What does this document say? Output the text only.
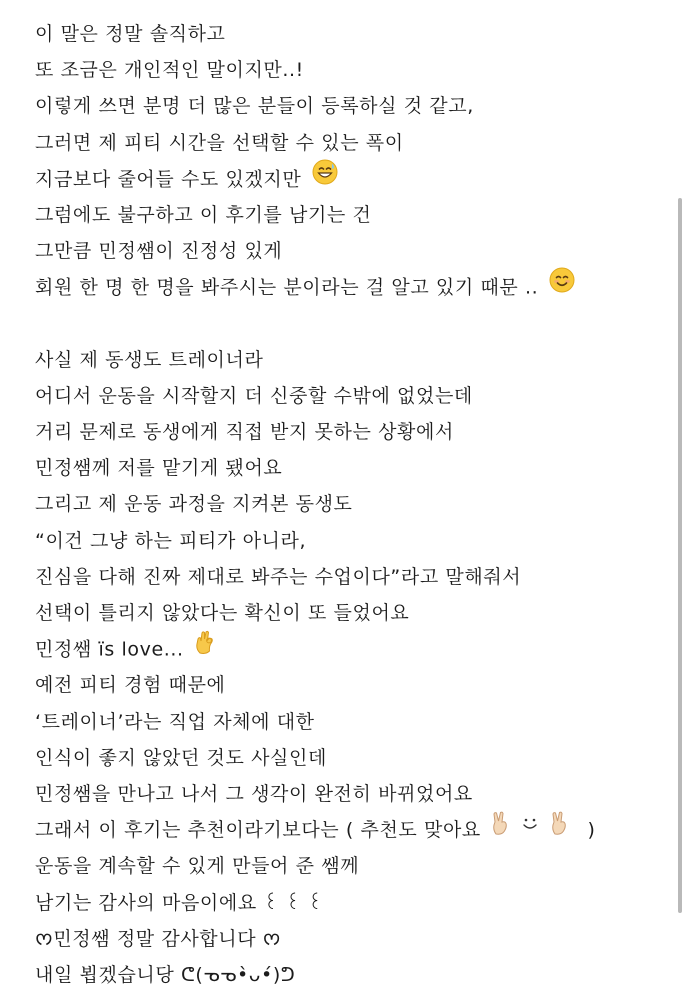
이 말은 정말 솔직하고
또 조금은 개인적인 말이지만..!
이렇게 쓰면 분명 더 많은 분들이 등록하실 것 같고,
그러면 제 피티 시간을 선택할 수 있는 폭이
지금보다 줄어들 수도 있겠지만
그럼에도 불구하고 이 후기를 남기는 건
그만큼 민정쌤이 진정성 있게
회원 한 명 한 명을 봐주시는 분이라는 걸 알고 있기 때문 ..
사실 제 동생도 트레이너라
어디서 운동을 시작할지 더 신중할 수밖에 없었는데
거리 문제로 동생에게 직접 받지 못하는 상황에서
민정쌤께 저를 맡기게 됐어요
그리고 제 운동 과정을 지켜본 동생도
“이건 그냥 하는 피티가 아니라,
진심을 다해 진짜 제대로 봐주는 수업이다”라고 말해줘서
선택이 틀리지 않았다는 확신이 또 들었어요
민정쌤 ïs love...
예전 피티 경험 때문에
‘트레이너’라는 직업 자체에 대한
인식이 좋지 않았던 것도 사실인데
민정쌤을 만나고 나서 그 생각이 완전히 바뀌었어요
그래서 이 후기는 추천이라기보다는 ( 추천도 맞아요	)
운동을 계속할 수 있게 만들어 준 쌤께
남기는 감사의 마음이에요 ꒰ ꒰ ꒰
ᰔ민정쌤 정말 감사합니다 ᰔ
내일 뵙겠습니당 ᕦ(ᓀᓀ•̀ᴗ•́)ᕤ
